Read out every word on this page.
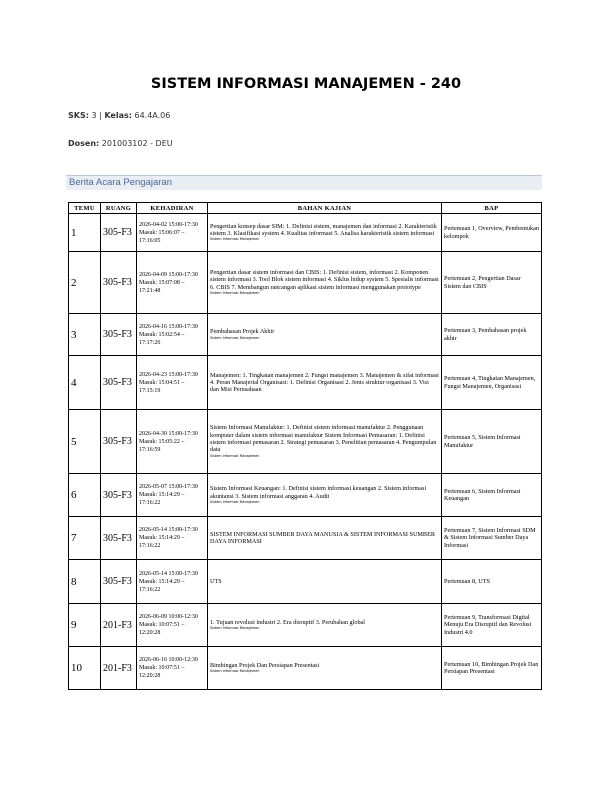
SISTEM INFORMASI MANAJEMEN - 240
SKS: 3 | Kelas: 64.4A.06
Dosen: 201003102 - DEU
Berita Acara Pengajaran
TEMU	RUANG	KEHADIRAN	BAHAN KAJIAN	BAP
1	305-F3	2026-04-02 15:00-17:30
Masuk: 15:06:07 – 17:16:05	Pengertian konsep dasar SIM: 1. Definisi sistem, manajemen dan informasi 2. Karakteristik sistem 3. Klasifikasi system 4. Kualitas informasi 5. Analisa karakteristik sistem informasi
Sistem Informasi Manajemen	Pertemuan 1, Overview, Pembentukan kelompok
2	305-F3	2026-04-09 15:00-17:30
Masuk: 15:07:08 – 17:21:48	Pengertian dasar sistem informasi dan CBIS: 1. Definisi sistem, informasi 2. Komponen sistem informasi 3. Tool Blok sistem informasi 4. Siklus hidup system 5. Spesialis informasi 6. CBIS 7. Membangun rancangan aplikasi sistem informasi menggunakan prototype
Sistem Informasi Manajemen	Pertemuan 2, Pengertian Dasar Sistem dan CBIS
3	305-F3	2026-04-16 15:00-17:30
Masuk: 15:02:54 – 17:17:20	Pembahasan Projek Akhir
Sistem Informasi Manajemen	Pertemuan 3, Pembahasan projek akhir
4	305-F3	2026-04-23 15:00-17:30
Masuk: 15:04:51 – 17:15:19	Manajemen: 1. Tingkatan manajemen 2. Fungsi manajemen 3. Manajemen & sifat informasi 4. Peran Manajerial Organisasi: 1. Definisi Organisasi 2. Jenis struktur organisasi 3. Visi dan Misi Perusahaan	Pertemuan 4, Tingkatan Manajemen, Fungsi Manajemen, Organisasi
5	305-F3	2026-04-30 15:00-17:30
Masuk: 15:05:22 – 17:16:59	Sistem Informasi Manufaktur: 1. Definisi sistem informasi manufaktur 2. Penggunaan komputer dalam sistem informasi manufaktur Sistem Informasi Pemasaran: 1. Definisi sistem informasi pemasaran 2. Strategi pemasaran 3. Penelitian pemasaran 4. Pengumpulan data
Sistem Informasi Manajemen	Pertemuan 5, Sistem Informasi Manufaktur
6	305-F3	2026-05-07 15:00-17:30
Masuk: 15:14:29 – 17:16:22	Sistem Informasi Keuangan: 1. Definisi sistem informasi keuangan 2. Sistem informasi akuntansi 3. Sistem informasi anggaran 4. Audit
Sistem Informasi Manajemen	Pertemuan 6, Sistem Informasi Keuangan
7	305-F3	2026-05-14 15:00-17:30
Masuk: 15:14:29 – 17:16:22	SISTEM INFORMASI SUMBER DAYA MANUSIA & SISTEM INFORMASI SUMBER DAYA INFORMASI	Pertemuan 7, Sistem Informasi SDM & Sistem Informasi Sumber Daya Informasi
8	305-F3	2026-05-14 15:00-17:30
Masuk: 15:14:29 – 17:16:22	UTS	Pertemuan 8, UTS
9	201-F3	2026-06-09 10:00-12:30
Masuk: 10:07:51 – 12:20:28	1. Tujuan revolusi industri 2. Era disruptif 3. Perubahan global
Sistem Informasi Manajemen	Pertemuan 9, Transformasi Digital Menuju Era Disruptif dan Revolusi Industri 4.0
10	201-F3	2026-06-16 10:00-12:30
Masuk: 10:07:51 – 12:20:28	Bimbingan Projek Dan Persiapan Presentasi
Sistem Informasi Manajemen	Pertemuan 10, Bimbingan Projek Dan Persiapan Presentasi
